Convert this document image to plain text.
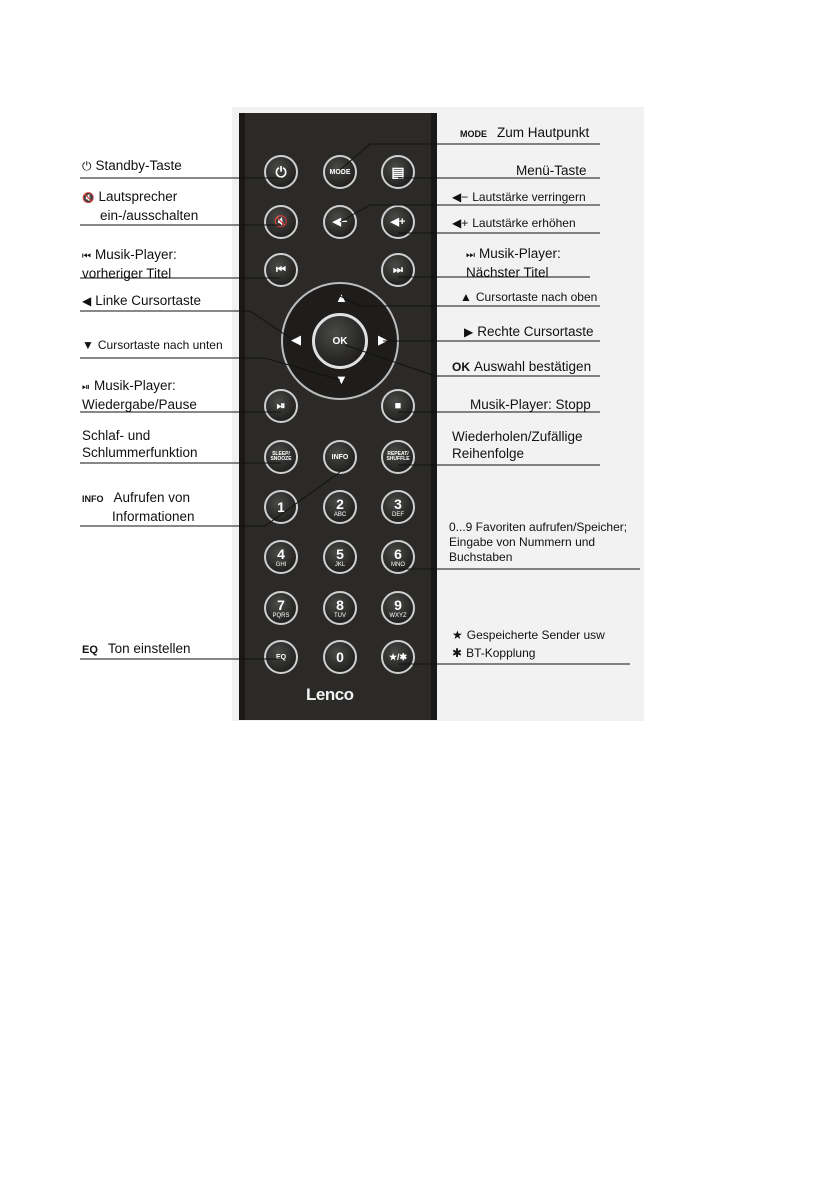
⏻	MODE	▤
🔇	◀−	◀+
⏮	⏭
▲
▼
◀	▶
OK
⏯	■
SLEEP/
SNOOZE	INFO	REPEAT/
SHUFFLE
1	2
ABC
3
DEF
4
GHI
5
JKL
6
MNO
7
PQRS
8
TUV
9
WXYZ
EQ	0	★/✱
Lenco
⏻ Standby-Taste
🔇 Lautsprecher
ein-/ausschalten
⏮ Musik-Player:
vorheriger Titel
◀ Linke Cursortaste
▼ Cursortaste nach unten
⏯ Musik-Player:
Wiedergabe/Pause
Schlaf- und
Schlummerfunktion
INFO Aufrufen von
Informationen
EQ Ton einstellen
MODE Zum Hautpunkt
Menü-Taste
◀− Lautstärke verringern
◀+ Lautstärke erhöhen
⏭ Musik-Player:
Nächster Titel
▲ Cursortaste nach oben
▶ Rechte Cursortaste
OK Auswahl bestätigen
Musik-Player: Stopp
Wiederholen/Zufällige
Reihenfolge
0...9 Favoriten aufrufen/Speicher;
Eingabe von Nummern und
Buchstaben
★ Gespeicherte Sender usw
✱ BT-Kopplung
